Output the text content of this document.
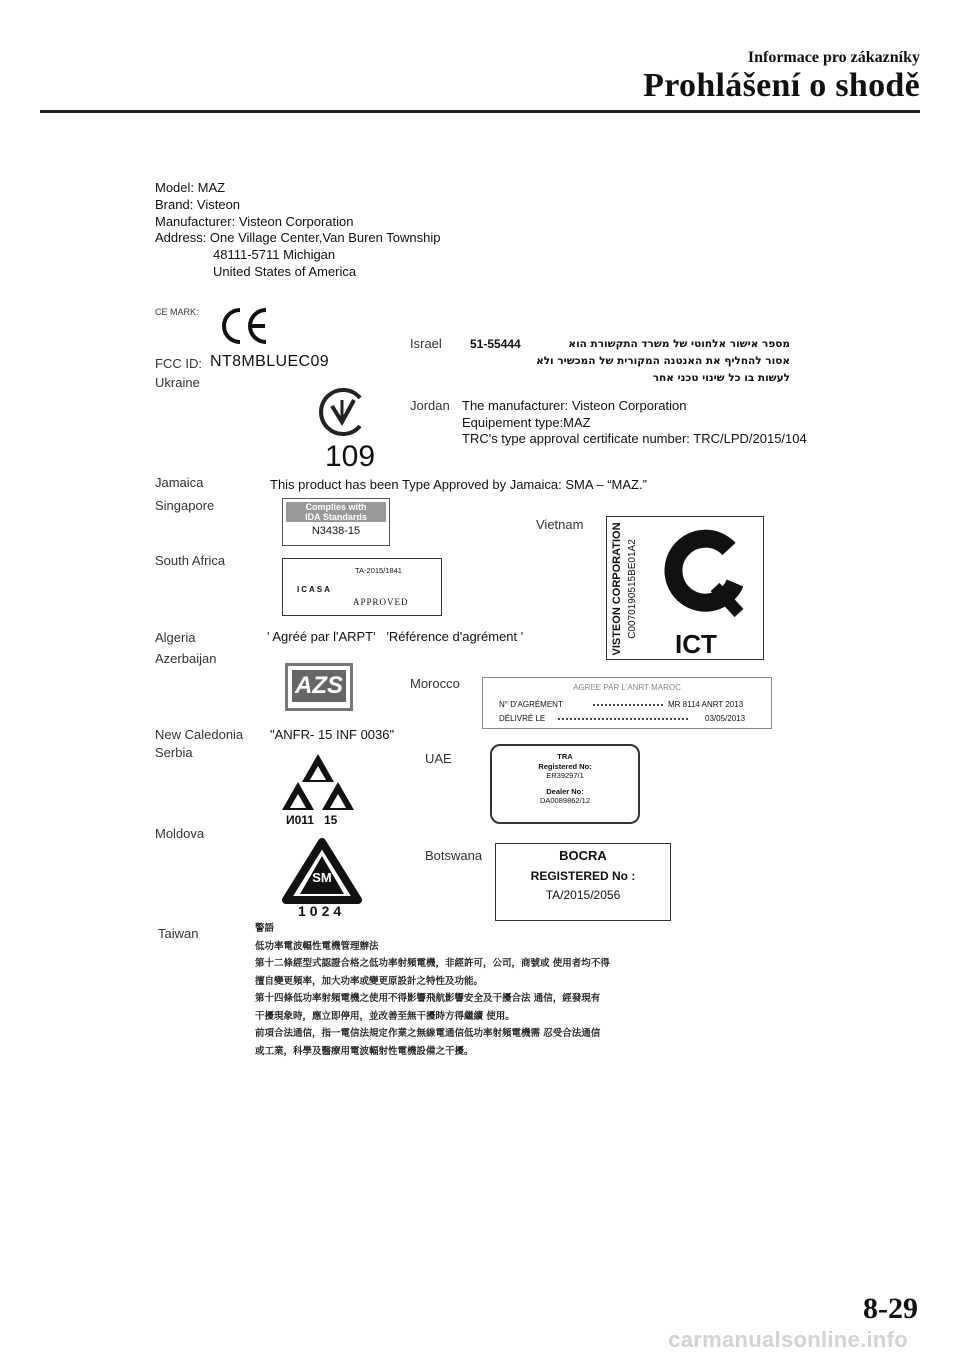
Informace pro zákazníky
Prohlášení o shodě
Model: MAZ
Brand: Visteon
Manufacturer: Visteon Corporation
Address: One Village Center,Van Buren Township
48111-5711 Michigan
United States of America
CE MARK:
FCC ID: NT8MBLUEC09
Ukraine
109
Israel 51-55444	מספר אישור אלחוטי של משרד התקשורת הוא
אסור להחליף את האנטנה המקורית של המכשיר ולא
לעשות בו כל שינוי טכני אחר
Jordan The manufacturer: Visteon Corporation
Equipement type:MAZ
TRC's type approval certificate number: TRC/LPD/2015/104
Jamaica	This product has been Type Approved by Jamaica: SMA – “MAZ.”
Singapore	Complies with
IDA Standards
N3438-15	Vietnam	VISTEON CORPORATION C0070190515BE01A2
ICT
South Africa
TA-2015/1841
ICASA
APPROVED
Algeria	' Agréé par l'ARPT'   'Référence d'agrément '
Azerbaijan
AZS	Morocco	AGREE PAR L'ANRT MAROC
N° D'AGRÉMENT	MR 8114 ANRT 2013
DÉLIVRÉ LE	03/05/2013
New Caledonia "ANFR- 15 INF 0036"
Serbia
И011   15
UAE	TRA
Registered No:
ER39297/1
Dealer No:
DA0089862/12
Moldova
SM
1024
Botswana	BOCRA
REGISTERED No :
TA/2015/2056
Taiwan	警語
低功率電波輻性電機管理辦法
第十二條經型式認證合格之低功率射頻電機，非經許可，公司，商號或 使用者均不得
擅自變更頻率，加大功率或變更原設計之特性及功能。
第十四條低功率射頻電機之使用不得影響飛航影響安全及干擾合法 通信，經發現有
干擾現象時，應立即停用，並改善至無干擾時方得繼續 使用。
前項合法通信，指一電信法規定作業之無線電通信低功率射頻電機需 忍受合法通信
或工業，科學及醫療用電波輻射性電機設備之干擾。
8-29
carmanualsonline.info
